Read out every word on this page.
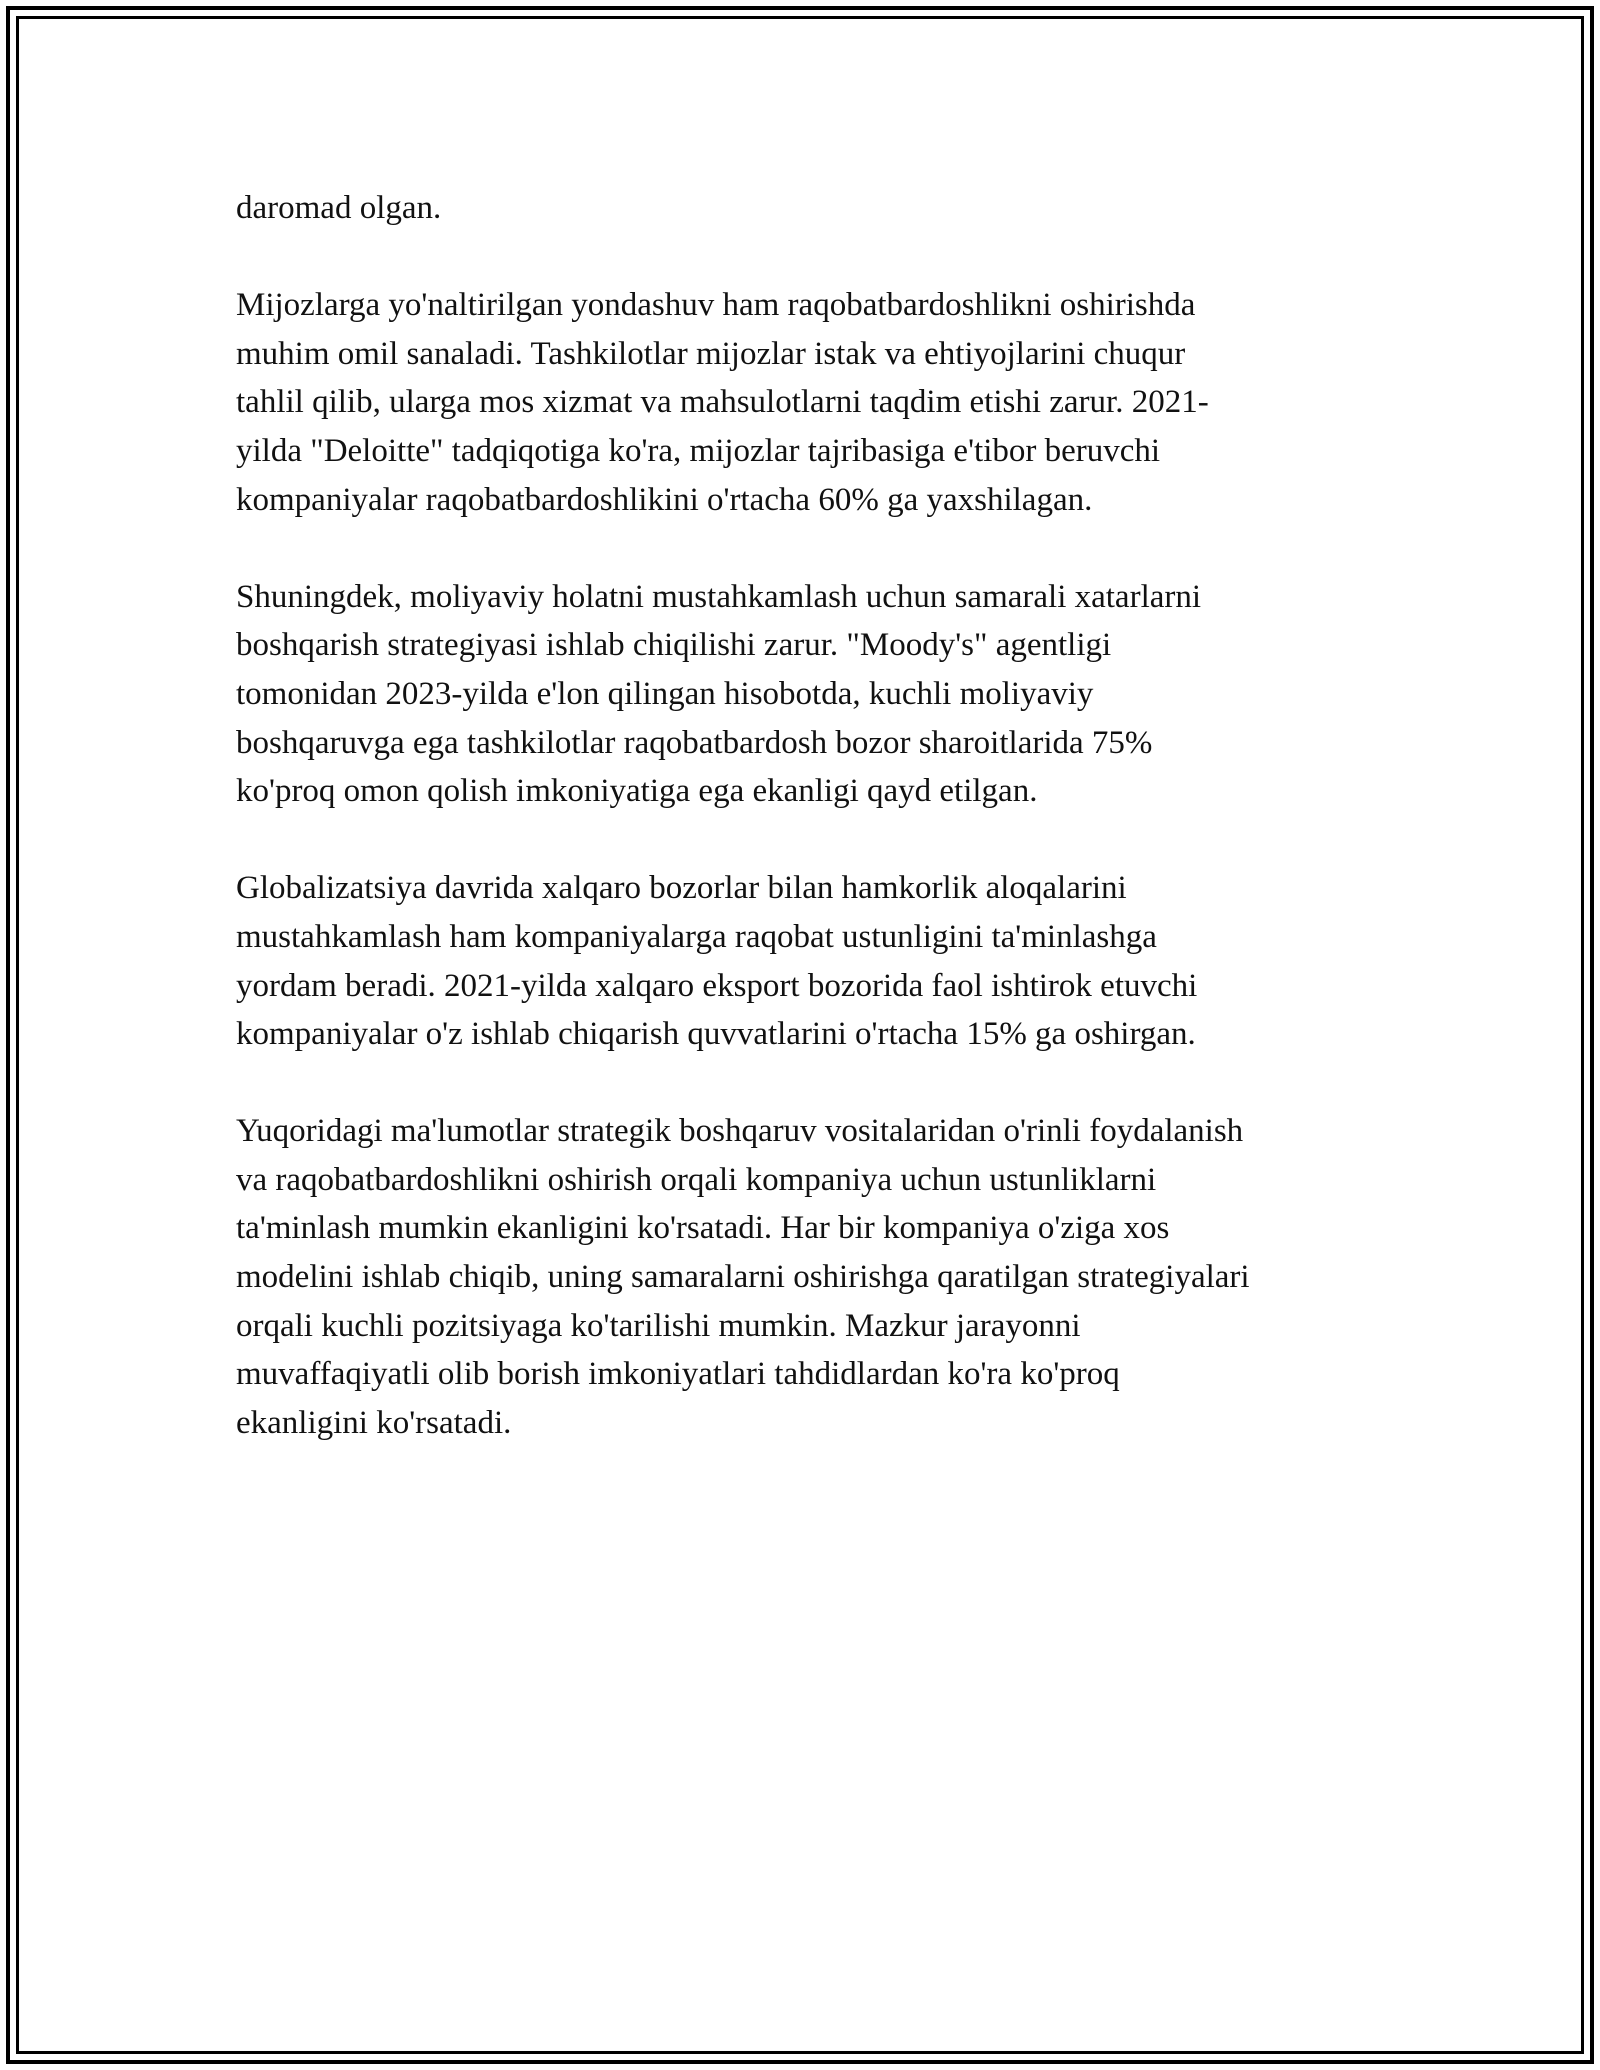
daromad olgan.

Mijozlarga yo'naltirilgan yondashuv ham raqobatbardoshlikni oshirishda
muhim omil sanaladi. Tashkilotlar mijozlar istak va ehtiyojlarini chuqur
tahlil qilib, ularga mos xizmat va mahsulotlarni taqdim etishi zarur. 2021-
yilda "Deloitte" tadqiqotiga ko'ra, mijozlar tajribasiga e'tibor beruvchi
kompaniyalar raqobatbardoshlikini o'rtacha 60% ga yaxshilagan.

Shuningdek, moliyaviy holatni mustahkamlash uchun samarali xatarlarni
boshqarish strategiyasi ishlab chiqilishi zarur. "Moody's" agentligi
tomonidan 2023-yilda e'lon qilingan hisobotda, kuchli moliyaviy
boshqaruvga ega tashkilotlar raqobatbardosh bozor sharoitlarida 75%
ko'proq omon qolish imkoniyatiga ega ekanligi qayd etilgan.

Globalizatsiya davrida xalqaro bozorlar bilan hamkorlik aloqalarini
mustahkamlash ham kompaniyalarga raqobat ustunligini ta'minlashga
yordam beradi. 2021-yilda xalqaro eksport bozorida faol ishtirok etuvchi
kompaniyalar o'z ishlab chiqarish quvvatlarini o'rtacha 15% ga oshirgan.

Yuqoridagi ma'lumotlar strategik boshqaruv vositalaridan o'rinli foydalanish
va raqobatbardoshlikni oshirish orqali kompaniya uchun ustunliklarni
ta'minlash mumkin ekanligini ko'rsatadi. Har bir kompaniya o'ziga xos
modelini ishlab chiqib, uning samaralarni oshirishga qaratilgan strategiyalari
orqali kuchli pozitsiyaga ko'tarilishi mumkin. Mazkur jarayonni
muvaffaqiyatli olib borish imkoniyatlari tahdidlardan ko'ra ko'proq
ekanligini ko'rsatadi.
